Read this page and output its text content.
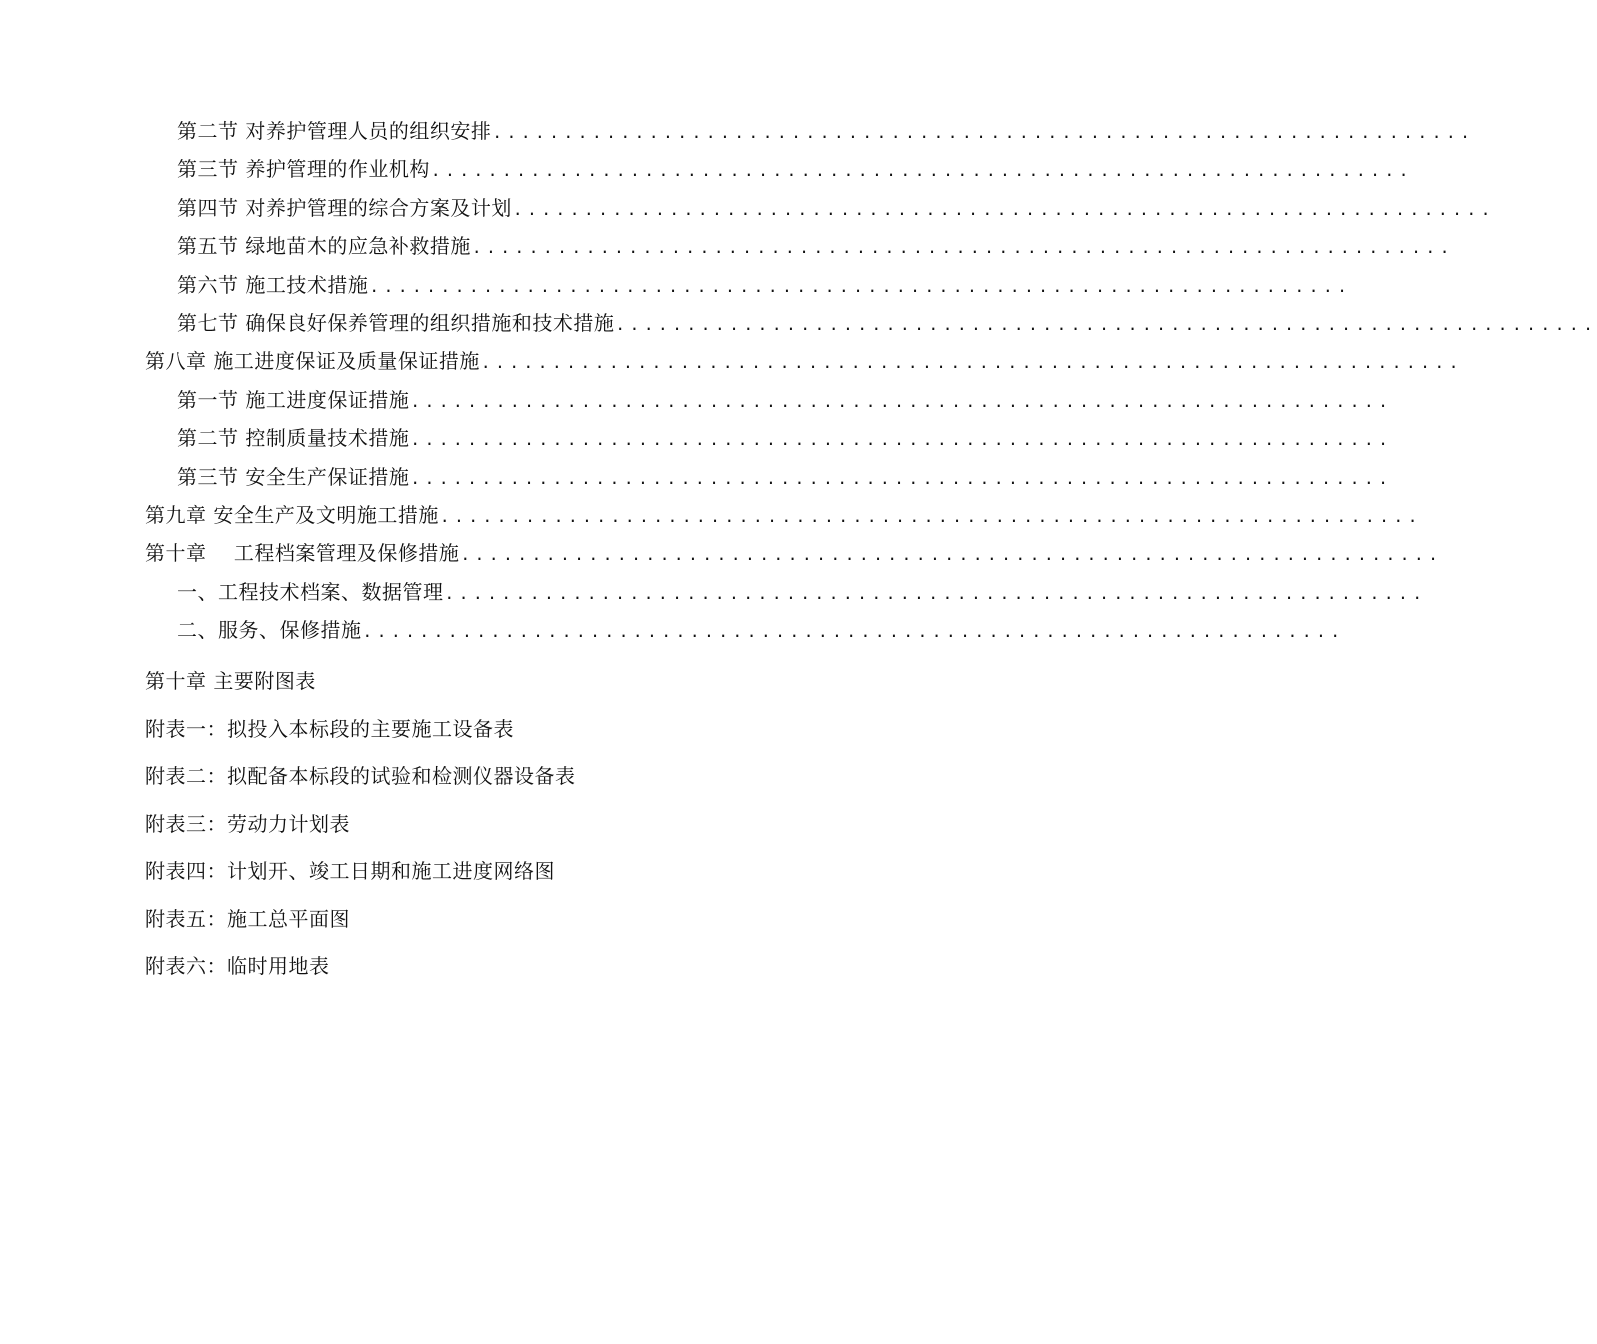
第二节 对养护管理人员的组织安排 .....................................................................
第三节 养护管理的作业机构 .....................................................................
第四节 对养护管理的综合方案及计划 .....................................................................
第五节 绿地苗木的应急补救措施 .....................................................................
第六节 施工技术措施 .....................................................................
第七节 确保良好保养管理的组织措施和技术措施 .....................................................................
第八章 施工进度保证及质量保证措施 .....................................................................
第一节 施工进度保证措施 .....................................................................
第二节 控制质量技术措施 .....................................................................
第三节 安全生产保证措施 .....................................................................
第九章 安全生产及文明施工措施 .....................................................................
第十章    工程档案管理及保修措施 .....................................................................
一、工程技术档案、数据管理 .....................................................................
二、服务、保修措施 .....................................................................
第十章 主要附图表
附表一：拟投入本标段的主要施工设备表
附表二：拟配备本标段的试验和检测仪器设备表
附表三：劳动力计划表
附表四：计划开、竣工日期和施工进度网络图
附表五：施工总平面图
附表六：临时用地表
